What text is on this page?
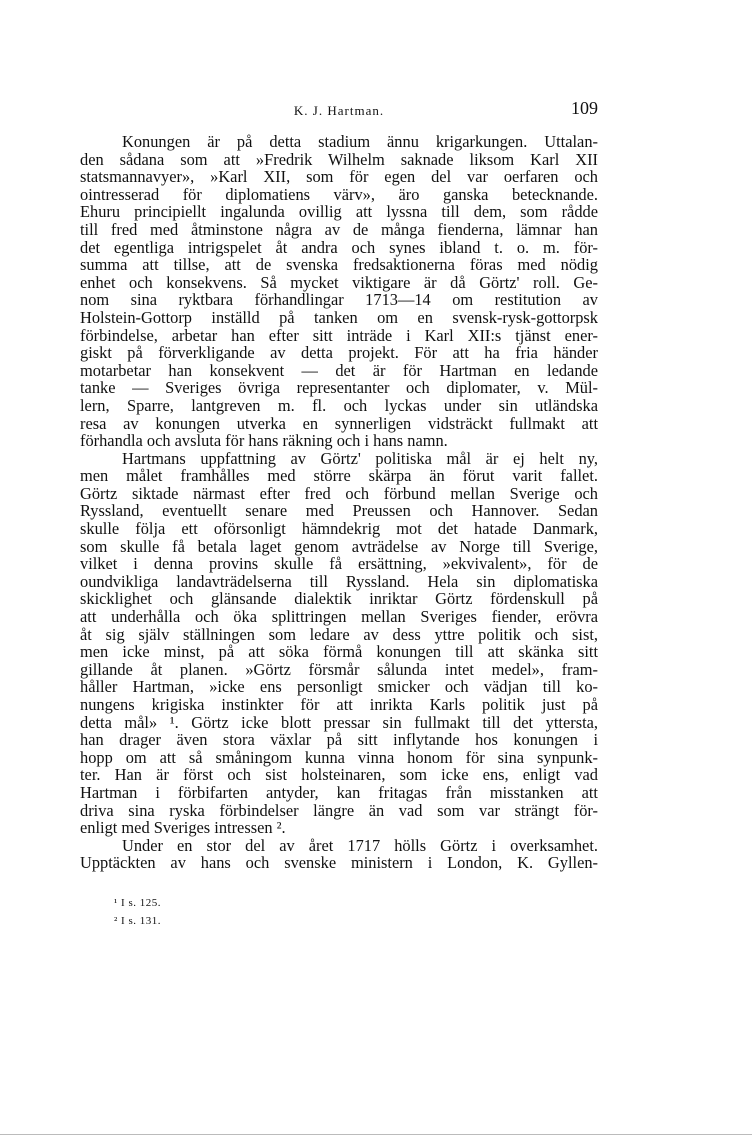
K. J. Hartman.	109
Konungen är på detta stadium ännu krigarkungen. Uttalan-
den sådana som att »Fredrik Wilhelm saknade liksom Karl XII
statsmannavyer», »Karl XII, som för egen del var oerfaren och
ointresserad för diplomatiens värv», äro ganska betecknande.
Ehuru principiellt ingalunda ovillig att lyssna till dem, som rådde
till fred med åtminstone några av de många fienderna, lämnar han
det egentliga intrigspelet åt andra och synes ibland t. o. m. för-
summa att tillse, att de svenska fredsaktionerna föras med nödig
enhet och konsekvens. Så mycket viktigare är då Görtz' roll. Ge-
nom sina ryktbara förhandlingar 1713—14 om restitution av
Holstein-Gottorp inställd på tanken om en svensk-rysk-gottorpsk
förbindelse, arbetar han efter sitt inträde i Karl XII:s tjänst ener-
giskt på förverkligande av detta projekt. För att ha fria händer
motarbetar han konsekvent — det är för Hartman en ledande
tanke — Sveriges övriga representanter och diplomater, v. Mül-
lern, Sparre, lantgreven m. fl. och lyckas under sin utländska
resa av konungen utverka en synnerligen vidsträckt fullmakt att
förhandla och avsluta för hans räkning och i hans namn.
Hartmans uppfattning av Görtz' politiska mål är ej helt ny,
men målet framhålles med större skärpa än förut varit fallet.
Görtz siktade närmast efter fred och förbund mellan Sverige och
Ryssland, eventuellt senare med Preussen och Hannover. Sedan
skulle följa ett oförsonligt hämndekrig mot det hatade Danmark,
som skulle få betala laget genom avträdelse av Norge till Sverige,
vilket i denna provins skulle få ersättning, »ekvivalent», för de
oundvikliga landavträdelserna till Ryssland. Hela sin diplomatiska
skicklighet och glänsande dialektik inriktar Görtz fördenskull på
att underhålla och öka splittringen mellan Sveriges fiender, erövra
åt sig själv ställningen som ledare av dess yttre politik och sist,
men icke minst, på att söka förmå konungen till att skänka sitt
gillande åt planen. »Görtz försmår sålunda intet medel», fram-
håller Hartman, »icke ens personligt smicker och vädjan till ko-
nungens krigiska instinkter för att inrikta Karls politik just på
detta mål» ¹. Görtz icke blott pressar sin fullmakt till det yttersta,
han drager även stora växlar på sitt inflytande hos konungen i
hopp om att så småningom kunna vinna honom för sina synpunk-
ter. Han är först och sist holsteinaren, som icke ens, enligt vad
Hartman i förbifarten antyder, kan fritagas från misstanken att
driva sina ryska förbindelser längre än vad som var strängt för-
enligt med Sveriges intressen ².
Under en stor del av året 1717 hölls Görtz i overksamhet.
Upptäckten av hans och svenske ministern i London, K. Gyllen-
¹ I s. 125.
² I s. 131.
